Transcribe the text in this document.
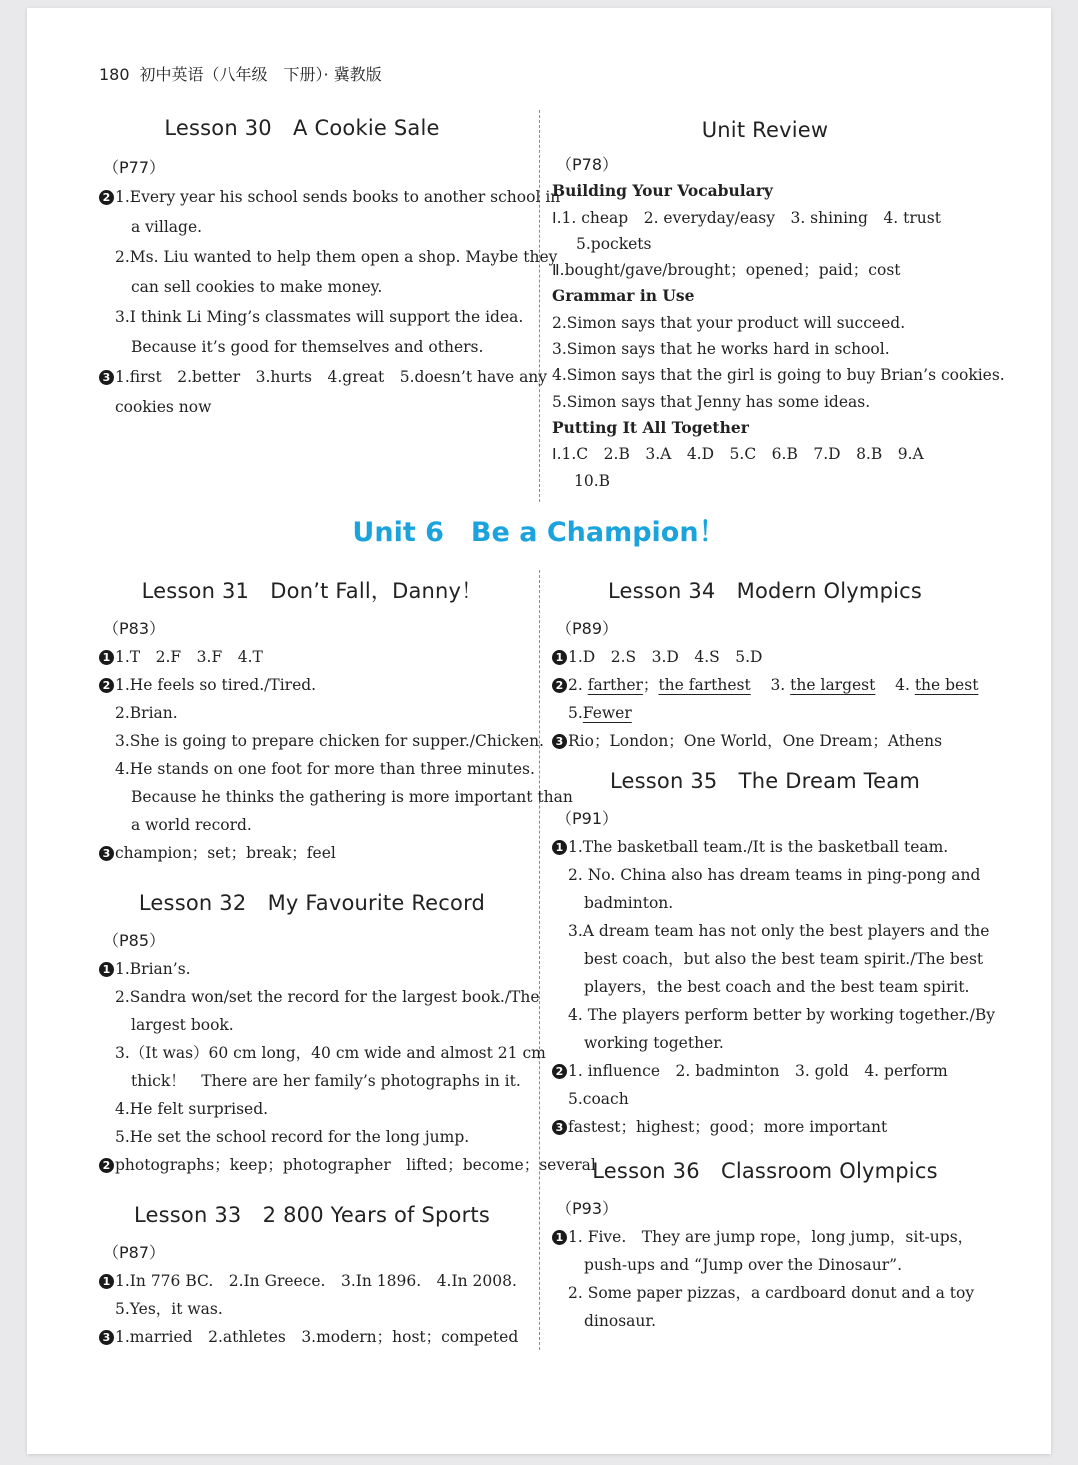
180 初中英语（八年级　下册）· 冀教版
Lesson 30　A Cookie Sale
（P77）
2 1.Every year his school sends books to another school in
a village.
2.Ms. Liu wanted to help them open a shop. Maybe they
can sell cookies to make money.
3.I think Li Ming’s classmates will support the idea.
Because it’s good for themselves and others.
3 1.first　2.better　3.hurts　4.great　5.doesn’t have any
cookies now
Unit Review
（P78）
Building Your Vocabulary
Ⅰ.1. cheap　2. everyday/easy　3. shining　4. trust
5.pockets
Ⅱ.bought/gave/brought；opened；paid；cost
Grammar in Use
2.Simon says that your product will succeed.
3.Simon says that he works hard in school.
4.Simon says that the girl is going to buy Brian’s cookies.
5.Simon says that Jenny has some ideas.
Putting It All Together
Ⅰ.1.C　2.B　3.A　4.D　5.C　6.B　7.D　8.B　9.A
10.B
Unit 6　Be a Champion！
Lesson 31　Don’t Fall，Danny！
（P83）
1 1.T　2.F　3.F　4.T
2 1.He feels so tired./Tired.
2.Brian.
3.She is going to prepare chicken for supper./Chicken.
4.He stands on one foot for more than three minutes.
Because he thinks the gathering is more important than
a world record.
3 champion；set；break；feel
Lesson 32　My Favourite Record
（P85）
1 1.Brian’s.
2.Sandra won/set the record for the largest book./The
largest book.
3.（It was）60 cm long，40 cm wide and almost 21 cm
thick！　There are her family’s photographs in it.
4.He felt surprised.
5.He set the school record for the long jump.
2 photographs；keep；photographer　lifted；become；several
Lesson 33　2 800 Years of Sports
（P87）
1 1.In 776 BC.　2.In Greece.　3.In 1896.　4.In 2008.
5.Yes，it was.
3 1.married　2.athletes　3.modern；host；competed
Lesson 34　Modern Olympics
（P89）
1 1.D　2.S　3.D　4.S　5.D
2 2. farther；the farthest 3. the largest 4. the best
5.Fewer
3 Rio；London；One World，One Dream；Athens
Lesson 35　The Dream Team
（P91）
1 1.The basketball team./It is the basketball team.
2. No. China also has dream teams in ping-pong and
badminton.
3.A dream team has not only the best players and the
best coach，but also the best team spirit./The best
players，the best coach and the best team spirit.
4. The players perform better by working together./By
working together.
2 1. influence　2. badminton　3. gold　4. perform
5.coach
3 fastest；highest；good；more important
Lesson 36　Classroom Olympics
（P93）
1 1. Five.　They are jump rope，long jump，sit-ups，
push-ups and “Jump over the Dinosaur”.
2. Some paper pizzas，a cardboard donut and a toy
dinosaur.
